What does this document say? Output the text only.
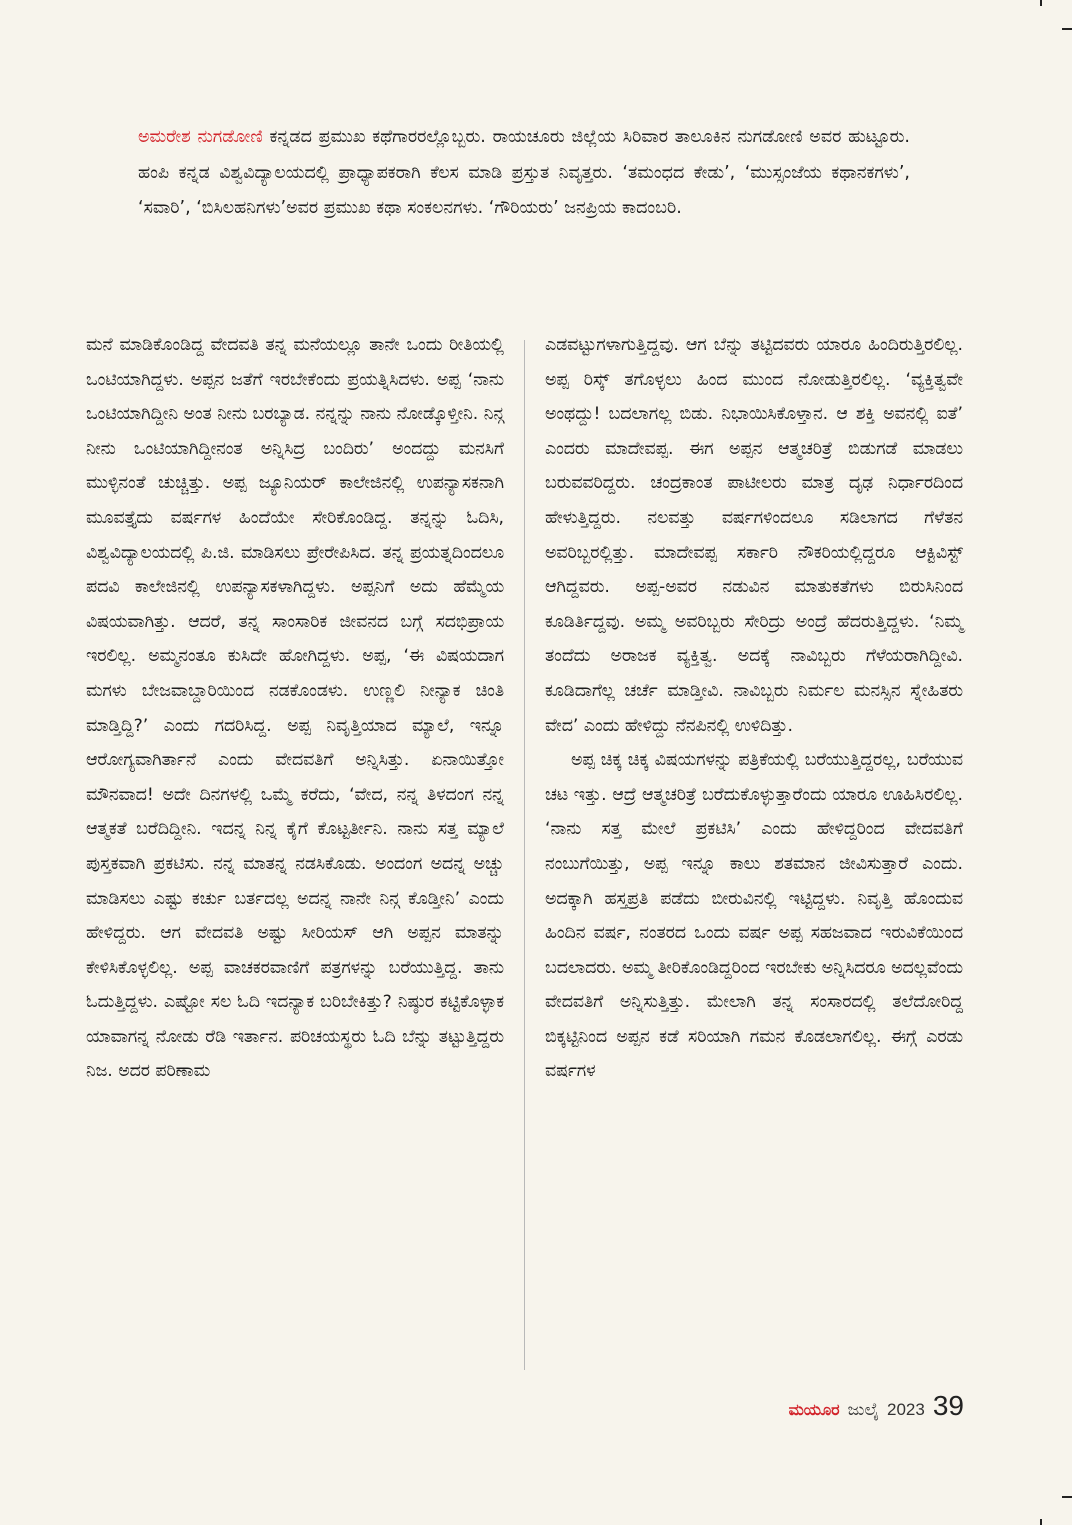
ಅಮರೇಶ ನುಗಡೋಣಿ ಕನ್ನಡದ ಪ್ರಮುಖ ಕಥೆಗಾರರಲ್ಲೊಬ್ಬರು. ರಾಯಚೂರು ಜಿಲ್ಲೆಯ ಸಿರಿವಾರ ತಾಲೂಕಿನ ನುಗಡೋಣಿ ಅವರ ಹುಟ್ಟೂರು. ಹಂಪಿ ಕನ್ನಡ ವಿಶ್ವವಿದ್ಯಾಲಯದಲ್ಲಿ ಪ್ರಾಧ್ಯಾಪಕರಾಗಿ ಕೆಲಸ ಮಾಡಿ ಪ್ರಸ್ತುತ ನಿವೃತ್ತರು. ‘ತಮಂಧದ ಕೇಡು’, ‘ಮುಸ್ಸಂಜೆಯ ಕಥಾನಕಗಳು’, ‘ಸವಾರಿ’, ‘ಬಿಸಿಲಹನಿಗಳು’ಅವರ ಪ್ರಮುಖ ಕಥಾ ಸಂಕಲನಗಳು. ‘ಗೌರಿಯರು’ ಜನಪ್ರಿಯ ಕಾದಂಬರಿ.

ಮನೆ ಮಾಡಿಕೊಂಡಿದ್ದ ವೇದವತಿ ತನ್ನ ಮನೆಯಲ್ಲೂ ತಾನೇ ಒಂದು ರೀತಿಯಲ್ಲಿ ಒಂಟಿಯಾಗಿದ್ದಳು. ಅಪ್ಪನ ಜತೆಗೆ ಇರಬೇಕೆಂದು ಪ್ರಯತ್ನಿಸಿದಳು. ಅಪ್ಪ ‘ನಾನು ಒಂಟಿಯಾಗಿದ್ದೀನಿ ಅಂತ ನೀನು ಬರಬ್ಯಾಡ. ನನ್ನನ್ನು ನಾನು ನೋಡ್ಕೊಳ್ತೀನಿ. ನಿನ್ಗ ನೀನು ಒಂಟಿಯಾಗಿದ್ದೀನಂತ ಅನ್ನಿಸಿದ್ರ ಬಂದಿರು’ ಅಂದದ್ದು ಮನಸಿಗೆ ಮುಳ್ಳಿನಂತೆ ಚುಚ್ಚಿತ್ತು. ಅಪ್ಪ ಜ್ಯೂನಿಯರ್ ಕಾಲೇಜಿನಲ್ಲಿ ಉಪನ್ಯಾಸಕನಾಗಿ ಮೂವತ್ತೈದು ವರ್ಷಗಳ ಹಿಂದೆಯೇ ಸೇರಿಕೊಂಡಿದ್ದ. ತನ್ನನ್ನು ಓದಿಸಿ, ವಿಶ್ವವಿದ್ಯಾಲಯದಲ್ಲಿ ಪಿ.ಜಿ. ಮಾಡಿಸಲು ಪ್ರೇರೇಪಿಸಿದ. ತನ್ನ ಪ್ರಯತ್ನದಿಂದಲೂ ಪದವಿ ಕಾಲೇಜಿನಲ್ಲಿ ಉಪನ್ಯಾಸಕಳಾಗಿದ್ದಳು. ಅಪ್ಪನಿಗೆ ಅದು ಹೆಮ್ಮೆಯ ವಿಷಯವಾಗಿತ್ತು. ಆದರೆ, ತನ್ನ ಸಾಂಸಾರಿಕ ಜೀವನದ ಬಗ್ಗೆ ಸದಭಿಪ್ರಾಯ ಇರಲಿಲ್ಲ. ಅಮ್ಮನಂತೂ ಕುಸಿದೇ ಹೋಗಿದ್ದಳು. ಅಪ್ಪ, ‘ಈ ವಿಷಯದಾಗ ಮಗಳು ಬೇಜವಾಬ್ದಾರಿಯಿಂದ ನಡಕೊಂಡಳು. ಉಣ್ಣಲಿ ನೀನ್ಯಾಕ ಚಿಂತಿ ಮಾಡ್ತಿದ್ದಿ?’ ಎಂದು ಗದರಿಸಿದ್ದ. ಅಪ್ಪ ನಿವೃತ್ತಿಯಾದ ಮ್ಯಾಲೆ, ಇನ್ನೂ ಆರೋಗ್ಯವಾಗಿರ್ತಾನೆ ಎಂದು ವೇದವತಿಗೆ ಅನ್ನಿಸಿತ್ತು. ಏನಾಯಿತ್ತೋ ಮೌನವಾದ! ಅದೇ ದಿನಗಳಲ್ಲಿ ಒಮ್ಮೆ ಕರೆದು, ‘ವೇದ, ನನ್ನ ತಿಳದಂಗ ನನ್ನ ಆತ್ಮಕತೆ ಬರೆದಿದ್ದೀನಿ. ಇದನ್ನ ನಿನ್ನ ಕೈಗೆ ಕೊಟ್ಟರ್ತೀನಿ. ನಾನು ಸತ್ತ ಮ್ಯಾಲೆ ಪುಸ್ತಕವಾಗಿ ಪ್ರಕಟಿಸು. ನನ್ನ ಮಾತನ್ನ ನಡಸಿಕೊಡು. ಅಂದಂಗ ಅದನ್ನ ಅಚ್ಚು ಮಾಡಿಸಲು ಎಷ್ಟು ಕರ್ಚು ಬರ್ತದಲ್ಲ ಅದನ್ನ ನಾನೇ ನಿನ್ಗ ಕೊಡ್ತೀನಿ’ ಎಂದು ಹೇಳಿದ್ದರು. ಆಗ ವೇದವತಿ ಅಷ್ಟು ಸೀರಿಯಸ್ ಆಗಿ ಅಪ್ಪನ ಮಾತನ್ನು ಕೇಳಿಸಿಕೊಳ್ಳಲಿಲ್ಲ. ಅಪ್ಪ ವಾಚಕರವಾಣಿಗೆ ಪತ್ರಗಳನ್ನು ಬರೆಯುತ್ತಿದ್ದ. ತಾನು ಓದುತ್ತಿದ್ದಳು. ಎಷ್ಟೋ ಸಲ ಓದಿ ಇದನ್ಯಾಕ ಬರಿಬೇಕಿತ್ತು? ನಿಷ್ಠುರ ಕಟ್ಟಿಕೊಳ್ಳಾಕ ಯಾವಾಗನ್ನ ನೋಡು ರೆಡಿ ಇರ್ತಾನ. ಪರಿಚಯಸ್ಥರು ಓದಿ ಬೆನ್ನು ತಟ್ಟುತ್ತಿದ್ದರು ನಿಜ. ಅದರ ಪರಿಣಾಮ

ಎಡವಟ್ಟುಗಳಾಗುತ್ತಿದ್ದವು. ಆಗ ಬೆನ್ನು ತಟ್ಟಿದವರು ಯಾರೂ ಹಿಂದಿರುತ್ತಿರಲಿಲ್ಲ. ಅಪ್ಪ ರಿಸ್ಕ್ ತಗೊಳ್ಳಲು ಹಿಂದ ಮುಂದ ನೋಡುತ್ತಿರಲಿಲ್ಲ. ‘ವ್ಯಕ್ತಿತ್ವವೇ ಅಂಥದ್ದು! ಬದಲಾಗಲ್ಲ ಬಿಡು. ನಿಭಾಯಿಸಿಕೊಳ್ತಾನ. ಆ ಶಕ್ತಿ ಅವನಲ್ಲಿ ಐತೆ’ ಎಂದರು ಮಾದೇವಪ್ಪ. ಈಗ ಅಪ್ಪನ ಆತ್ಮಚರಿತ್ರೆ ಬಿಡುಗಡೆ ಮಾಡಲು ಬರುವವರಿದ್ದರು. ಚಂದ್ರಕಾಂತ ಪಾಟೀಲರು ಮಾತ್ರ ದೃಢ ನಿರ್ಧಾರದಿಂದ ಹೇಳುತ್ತಿದ್ದರು. ನಲವತ್ತು ವರ್ಷಗಳಿಂದಲೂ ಸಡಿಲಾಗದ ಗೆಳೆತನ ಅವರಿಬ್ಬರಲ್ಲಿತ್ತು. ಮಾದೇವಪ್ಪ ಸರ್ಕಾರಿ ನೌಕರಿಯಲ್ಲಿದ್ದರೂ ಆಕ್ಟಿವಿಸ್ಟ್ ಆಗಿದ್ದವರು. ಅಪ್ಪ-ಅವರ ನಡುವಿನ ಮಾತುಕತೆಗಳು ಬಿರುಸಿನಿಂದ ಕೂಡಿರ್ತಿದ್ದವು. ಅಮ್ಮ ಅವರಿಬ್ಬರು ಸೇರಿದ್ರು ಅಂದ್ರೆ ಹೆದರುತ್ತಿದ್ದಳು. ‘ನಿಮ್ಮ ತಂದೆದು ಅರಾಜಕ ವ್ಯಕ್ತಿತ್ವ. ಅದಕ್ಕೆ ನಾವಿಬ್ಬರು ಗೆಳೆಯರಾಗಿದ್ದೀವಿ. ಕೂಡಿದಾಗೆಲ್ಲ ಚರ್ಚೆ ಮಾಡ್ತೀವಿ. ನಾವಿಬ್ಬರು ನಿರ್ಮಲ ಮನಸ್ಸಿನ ಸ್ನೇಹಿತರು ವೇದ’ ಎಂದು ಹೇಳಿದ್ದು ನೆನಪಿನಲ್ಲಿ ಉಳಿದಿತ್ತು.

ಅಪ್ಪ ಚಿಕ್ಕ ಚಿಕ್ಕ ವಿಷಯಗಳನ್ನು ಪತ್ರಿಕೆಯಲ್ಲಿ ಬರೆಯುತ್ತಿದ್ದರಲ್ಲ, ಬರೆಯುವ ಚಟ ಇತ್ತು. ಆದ್ರೆ ಆತ್ಮಚರಿತ್ರೆ ಬರೆದುಕೊಳ್ಳುತ್ತಾರೆಂದು ಯಾರೂ ಊಹಿಸಿರಲಿಲ್ಲ. ‘ನಾನು ಸತ್ತ ಮೇಲೆ ಪ್ರಕಟಿಸಿ’ ಎಂದು ಹೇಳಿದ್ದರಿಂದ ವೇದವತಿಗೆ ನಂಬುಗೆಯಿತ್ತು, ಅಪ್ಪ ಇನ್ನೂ ಕಾಲು ಶತಮಾನ ಜೀವಿಸುತ್ತಾರೆ ಎಂದು. ಅದಕ್ಕಾಗಿ ಹಸ್ತಪ್ರತಿ ಪಡೆದು ಬೀರುವಿನಲ್ಲಿ ಇಟ್ಟಿದ್ದಳು. ನಿವೃತ್ತಿ ಹೊಂದುವ ಹಿಂದಿನ ವರ್ಷ, ನಂತರದ ಒಂದು ವರ್ಷ ಅಪ್ಪ ಸಹಜವಾದ ಇರುವಿಕೆಯಿಂದ ಬದಲಾದರು. ಅಮ್ಮ ತೀರಿಕೊಂಡಿದ್ದರಿಂದ ಇರಬೇಕು ಅನ್ನಿಸಿದರೂ ಅದಲ್ಲವೆಂದು ವೇದವತಿಗೆ ಅನ್ನಿಸುತ್ತಿತ್ತು. ಮೇಲಾಗಿ ತನ್ನ ಸಂಸಾರದಲ್ಲಿ ತಲೆದೋರಿದ್ದ ಬಿಕ್ಕಟ್ಟಿನಿಂದ ಅಪ್ಪನ ಕಡೆ ಸರಿಯಾಗಿ ಗಮನ ಕೊಡಲಾಗಲಿಲ್ಲ. ಈಗ್ಗೆ ಎರಡು ವರ್ಷಗಳ

ಮಯೂರ ಜುಲೈ 2023 39
